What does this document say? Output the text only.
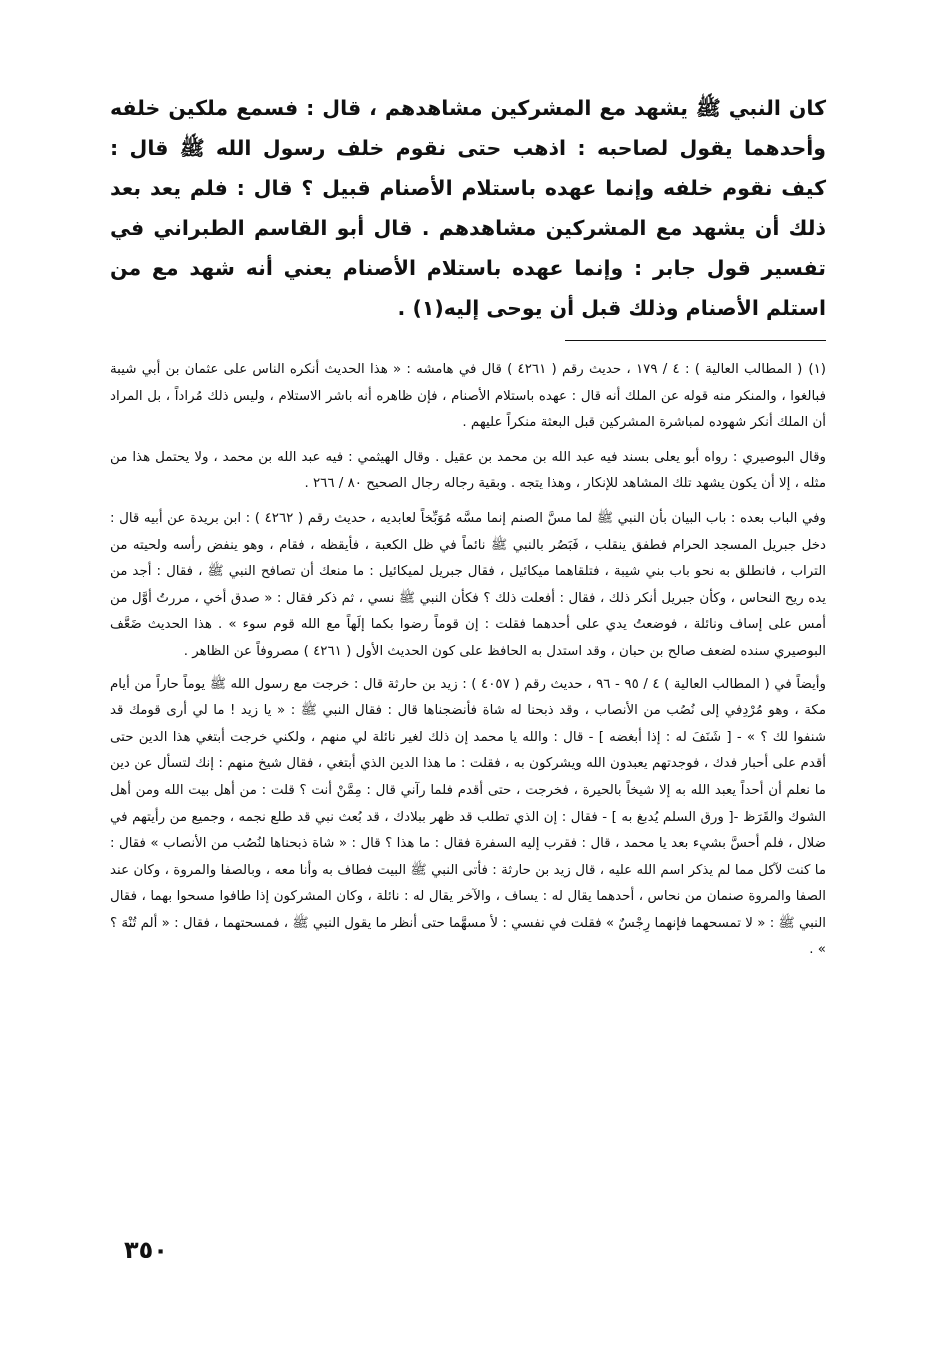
كان النبي ﷺ يشهد مع المشركين مشاهدهم ، قال : فسمع ملكين خلفه وأحدهما يقول لصاحبه : اذهب حتى نقوم خلف رسول الله ﷺ قال : كيف نقوم خلفه وإنما عهده باستلام الأصنام قبيل ؟ قال : فلم يعد بعد ذلك أن يشهد مع المشركين مشاهدهم . قال أبو القاسم الطبراني في تفسير قول جابر : وإنما عهده باستلام الأصنام يعني أنه شهد مع من استلم الأصنام وذلك قبل أن يوحى إليه(١) .

(١)( المطالب العالية ) : ٤ / ١٧٩ ، حديث رقم ( ٤٢٦١ ) قال في هامشه : « هذا الحديث أنكره الناس على عثمان بن أبي شيبة فبالغوا ، والمنكر منه قوله عن الملك أنه قال : عهده باستلام الأصنام ، فإن ظاهره أنه باشر الاستلام ، وليس ذلك مُراداً ، بل المراد أن الملك أنكر شهوده لمباشرة المشركين قبل البعثة منكراً عليهم .

وقال البوصيري : رواه أبو يعلى بسند فيه عبد الله بن محمد بن عقيل . وقال الهيثمي : فيه عبد الله بن محمد ، ولا يحتمل هذا من مثله ، إلا أن يكون يشهد تلك المشاهد للإنكار ، وهذا يتجه . وبقية رجاله رجال الصحيح ٨٠ / ٢٦٦ .

وفي الباب بعده : باب البيان بأن النبي ﷺ لما مسَّ الصنم إنما مسَّه مُوَبِّخاً لعابديه ، حديث رقم ( ٤٢٦٢ ) : ابن بريدة عن أبيه قال : دخل جبريل المسجد الحرام فطفق ينقلب ، فَبَصُر بالنبي ﷺ نائماً في ظل الكعبة ، فأيقظه ، فقام ، وهو ينفض رأسه ولحيته من التراب ، فانطلق به نحو باب بني شيبة ، فتلقاهما ميكائيل ، فقال جبريل لميكائيل : ما منعك أن تصافح النبي ﷺ ، فقال : أجد من يده ريح النحاس ، وكأن جبريل أنكر ذلك ، فقال : أفعلت ذلك ؟ فكأن النبي ﷺ نسي ، ثم ذكر فقال : « صدق أخي ، مررتُ أوَّل من أمس على إساف ونائلة ، فوضعتُ يدي على أحدهما فقلت : إن قوماً رضوا بكما إلَهاً مع الله قوم سوء » . هذا الحديث ضَعَّف البوصيري سنده لضعف صالح بن حبان ، وقد استدل به الحافظ على كون الحديث الأول ( ٤٢٦١ ) مصروفاً عن الظاهر .

وأيضاً في ( المطالب العالية ) ٤ / ٩٥ - ٩٦ ، حديث رقم ( ٤٠٥٧ ) : زيد بن حارثة قال : خرجت مع رسول الله ﷺ يوماً حاراً من أيام مكة ، وهو مُرْدِفي إلى نُصُب من الأنصاب ، وقد ذبحنا له شاة فأنضجناها قال : فقال النبي ﷺ : « يا زيد ! ما لي أرى قومك قد شنفوا لك ؟ » - [ شَنَفَ له : إذا أبغضه ] - قال : والله يا محمد إن ذلك لغير نائلة لي منهم ، ولكني خرجت أبتغي هذا الدين حتى أقدم على أحبار فدك ، فوجدتهم يعبدون الله ويشركون به ، فقلت : ما هذا الدين الذي أبتغي ، فقال شيخ منهم : إنك لتسأل عن دين ما نعلم أن أحداً يعبد الله به إلا شيخاً بالحيرة ، فخرجت ، حتى أقدم فلما رآني قال : مِمَّنْ أنت ؟ قلت : من أهل بيت الله ومن أهل الشوك والقَرَظ -[ ورق السلم يُدبغ به ] - فقال : إن الذي تطلب قد ظهر ببلادك ، قد بُعث نبي قد طلع نجمه ، وجميع من رأيتهم في ضلال ، فلم أحسَّ بشيء بعد يا محمد ، قال : فقرب إليه السفرة فقال : ما هذا ؟ قال : « شاة ذبحناها لنُصُب من الأنصاب » فقال : ما كنت لآكل مما لم يذكر اسم الله عليه ، قال زيد بن حارثة : فأتى النبي ﷺ البيت فطاف به وأنا معه ، وبالصفا والمروة ، وكان عند الصفا والمروة صنمان من نحاس ، أحدهما يقال له : يساف ، والآخر يقال له : نائلة ، وكان المشركون إذا طافوا مسحوا بهما ، فقال النبي ﷺ : « لا تمسحهما فإنهما رِجْسٌ » فقلت في نفسي : لأ مسهَّما حتى أنظر ما يقول النبي ﷺ ، فمسحتهما ، فقال : « ألم تُنْهَ ؟ » .

٣٥٠
